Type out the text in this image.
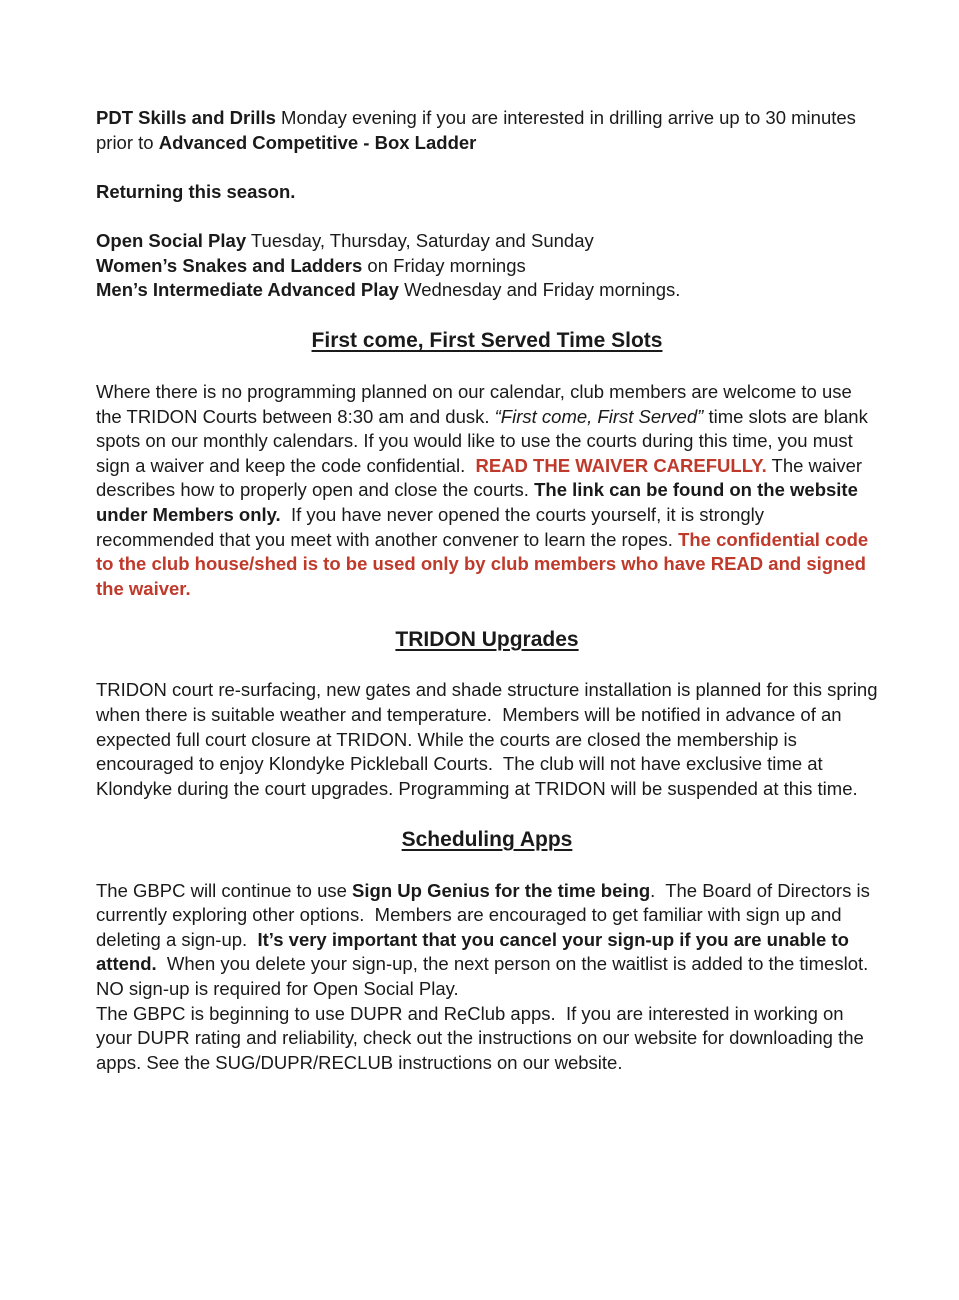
PDT Skills and Drills Monday evening if you are interested in drilling arrive up to 30 minutes prior to Advanced Competitive - Box Ladder

Returning this season.

Open Social Play Tuesday, Thursday, Saturday and Sunday
Women’s Snakes and Ladders on Friday mornings
Men’s Intermediate Advanced Play Wednesday and Friday mornings.

First come, First Served Time Slots

Where there is no programming planned on our calendar, club members are welcome to use the TRIDON Courts between 8:30 am and dusk. “First come, First Served” time slots are blank spots on our monthly calendars. If you would like to use the courts during this time, you must sign a waiver and keep the code confidential.  READ THE WAIVER CAREFULLY. The waiver describes how to properly open and close the courts. The link can be found on the website under Members only.  If you have never opened the courts yourself, it is strongly recommended that you meet with another convener to learn the ropes. The confidential code to the club house/shed is to be used only by club members who have READ and signed the waiver.

TRIDON Upgrades

TRIDON court re-surfacing, new gates and shade structure installation is planned for this spring when there is suitable weather and temperature.  Members will be notified in advance of an expected full court closure at TRIDON. While the courts are closed the membership is encouraged to enjoy Klondyke Pickleball Courts.  The club will not have exclusive time at Klondyke during the court upgrades. Programming at TRIDON will be suspended at this time.

Scheduling Apps

The GBPC will continue to use Sign Up Genius for the time being.  The Board of Directors is currently exploring other options.  Members are encouraged to get familiar with sign up and deleting a sign-up.  It’s very important that you cancel your sign-up if you are unable to attend.  When you delete your sign-up, the next person on the waitlist is added to the timeslot.
NO sign-up is required for Open Social Play.
The GBPC is beginning to use DUPR and ReClub apps.  If you are interested in working on your DUPR rating and reliability, check out the instructions on our website for downloading the apps. See the SUG/DUPR/RECLUB instructions on our website.
